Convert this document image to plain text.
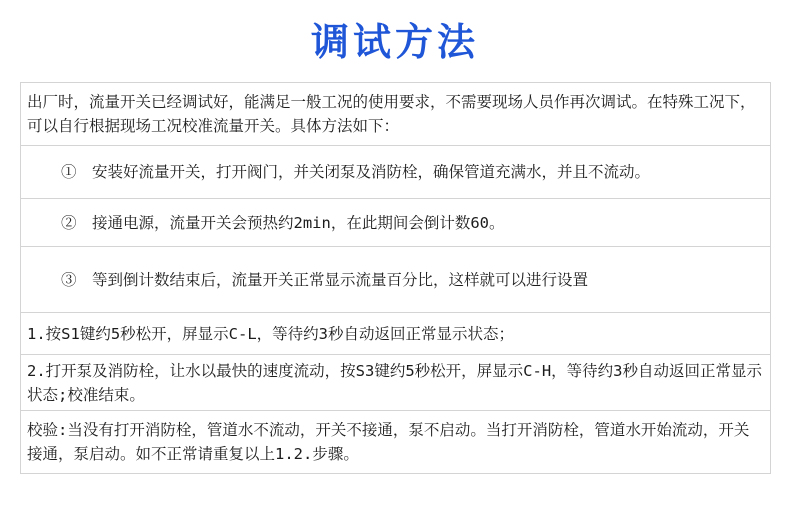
调试方法
出厂时，流量开关已经调试好，能满足一般工况的使用要求，不需要现场人员作再次调试。在特殊工况下，可以自行根据现场工况校准流量开关。具体方法如下：
①　安装好流量开关，打开阀门，并关闭泵及消防栓，确保管道充满水，并且不流动。
②　接通电源，流量开关会预热约2min，在此期间会倒计数60。
③　等到倒计数结束后，流量开关正常显示流量百分比，这样就可以进行设置
1.按S1键约5秒松开，屏显示C-L，等待约3秒自动返回正常显示状态；
2.打开泵及消防栓，让水以最快的速度流动，按S3键约5秒松开，屏显示C-H，等待约3秒自动返回正常显示状态;校准结束。
校验:当没有打开消防栓，管道水不流动，开关不接通，泵不启动。当打开消防栓，管道水开始流动，开关接通，泵启动。如不正常请重复以上1.2.步骤。
